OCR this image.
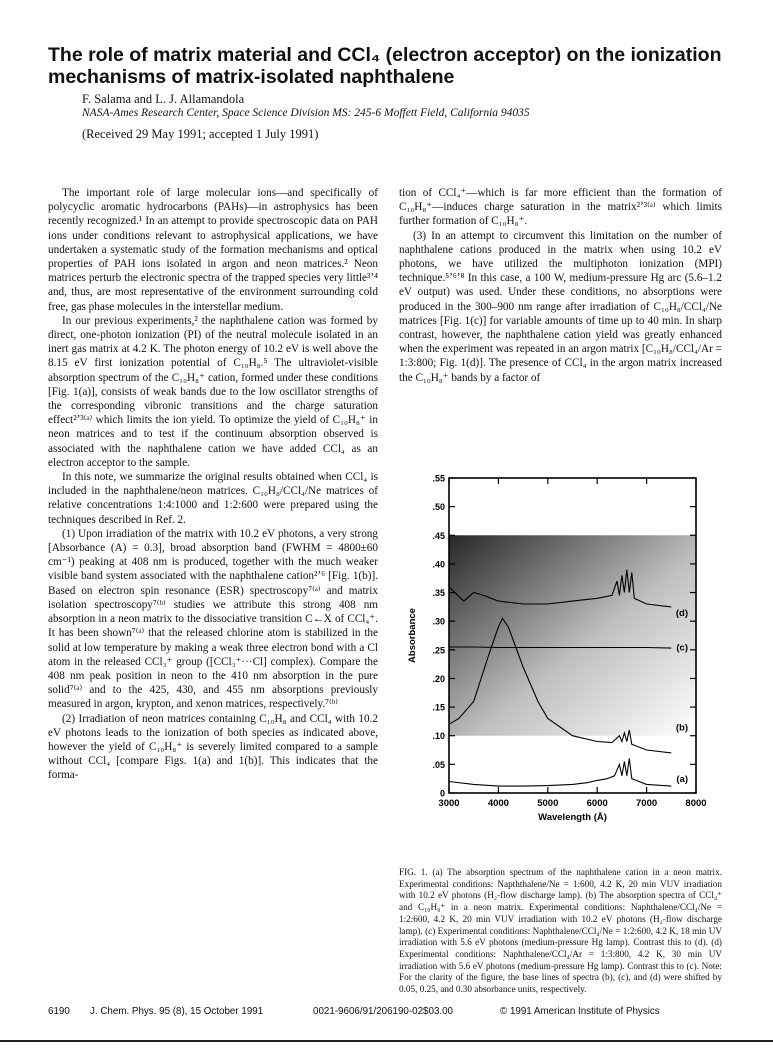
The role of matrix material and CCl₄ (electron acceptor) on the ionization mechanisms of matrix-isolated naphthalene
F. Salama and L. J. Allamandola
NASA-Ames Research Center, Space Science Division MS: 245-6 Moffett Field, California 94035
(Received 29 May 1991; accepted 1 July 1991)

The important role of large molecular ions—and specifically of polycyclic aromatic hydrocarbons (PAHs)—in astrophysics has been recently recognized.¹ In an attempt to provide spectroscopic data on PAH ions under conditions relevant to astrophysical applications, we have undertaken a systematic study of the formation mechanisms and optical properties of PAH ions isolated in argon and neon matrices.² Neon matrices perturb the electronic spectra of the trapped species very little³ʼ⁴ and, thus, are most representative of the environment surrounding cold free, gas phase molecules in the interstellar medium.

In our previous experiments,² the naphthalene cation was formed by direct, one-photon ionization (PI) of the neutral molecule isolated in an inert gas matrix at 4.2 K. The photon energy of 10.2 eV is well above the 8.15 eV first ionization potential of C₁₀H₈.⁵ The ultraviolet-visible absorption spectrum of the C₁₀H₈⁺ cation, formed under these conditions [Fig. 1(a)], consists of weak bands due to the low oscillator strengths of the corresponding vibronic transitions and the charge saturation effect²ʼ³⁽ᵃ⁾ which limits the ion yield. To optimize the yield of C₁₀H₈⁺ in neon matrices and to test if the continuum absorption observed is associated with the naphthalene cation we have added CCl₄ as an electron acceptor to the sample.

In this note, we summarize the original results obtained when CCl₄ is included in the naphthalene/neon matrices. C₁₀H₈/CCl₄/Ne matrices of relative concentrations 1:4:1000 and 1:2:600 were prepared using the techniques described in Ref. 2.

(1) Upon irradiation of the matrix with 10.2 eV photons, a very strong [Absorbance (A) = 0.3], broad absorption band (FWHM = 4800±60 cm⁻¹) peaking at 408 nm is produced, together with the much weaker visible band system associated with the naphthalene cation²ʼ⁶ [Fig. 1(b)]. Based on electron spin resonance (ESR) spectroscopy⁷⁽ᵃ⁾ and matrix isolation spectroscopy⁷⁽ᵇ⁾ studies we attribute this strong 408 nm absorption in a neon matrix to the dissociative transition C←X of CCl₄⁺. It has been shown⁷⁽ᵃ⁾ that the released chlorine atom is stabilized in the solid at low temperature by making a weak three electron bond with a Cl atom in the released CCl₃⁺ group ([CCl₃⁺···Cl] complex). Compare the 408 nm peak position in neon to the 410 nm absorption in the pure solid⁷⁽ᵃ⁾ and to the 425, 430, and 455 nm absorptions previously measured in argon, krypton, and xenon matrices, respectively.⁷⁽ᵇ⁾

(2) Irradiation of neon matrices containing C₁₀H₈ and CCl₄ with 10.2 eV photons leads to the ionization of both species as indicated above, however the yield of C₁₀H₈⁺ is severely limited compared to a sample without CCl₄ [compare Figs. 1(a) and 1(b)]. This indicates that the forma-

tion of CCl₄⁺—which is far more efficient than the formation of C₁₀H₈⁺—induces charge saturation in the matrix²ʼ³⁽ᵃ⁾ which limits further formation of C₁₀H₈⁺.

(3) In an attempt to circumvent this limitation on the number of naphthalene cations produced in the matrix when using 10.2 eV photons, we have utilized the multiphoton ionization (MPI) technique.⁵ʼ⁶ʼ⁸ In this case, a 100 W, medium-pressure Hg arc (5.6–1.2 eV output) was used. Under these conditions, no absorptions were produced in the 300–900 nm range after irradiation of C₁₀H₈/CCl₄/Ne matrices [Fig. 1(c)] for variable amounts of time up to 40 min. In sharp contrast, however, the naphthalene cation yield was greatly enhanced when the experiment was repeated in an argon matrix [C₁₀H₈/CCl₄/Ar = 1:3:800; Fig. 1(d)]. The presence of CCl₄ in the argon matrix increased the C₁₀H₈⁺ bands by a factor of

0
.05
.10
.15
.20
.25
.30
.35
.40
.45
.50
.55
3000	4000	5000	6000	7000	8000
Wavelength (Å)
Absorbance	(d)
(c)
(b)
(a)
FIG. 1. (a) The absorption spectrum of the naphthalene cation in a neon matrix. Experimental conditions: Napththalene/Ne = 1:600, 4.2 K, 20 min VUV irradiation with 10.2 eV photons (H₂-flow discharge lamp). (b) The absorption spectra of CCl₄⁺ and C₁₀H₈⁺ in a neon matrix. Experimental conditions: Naphthalene/CCl₄/Ne = 1:2:600, 4.2 K, 20 min VUV irradiation with 10.2 eV photons (H₂-flow discharge lamp). (c) Experimental conditions: Naphthalene/CCl₄/Ne = 1:2:600, 4.2 K, 18 min UV irradiation with 5.6 eV photons (medium-pressure Hg lamp). Contrast this to (d). (d) Experimental conditions: Naphthalene/CCl₄/Ar = 1:3:800, 4.2 K, 30 min UV irradiation with 5.6 eV photons (medium-pressure Hg lamp). Contrast this to (c). Note: For the clarity of the figure, the base lines of spectra (b), (c), and (d) were shifted by 0.05, 0.25, and 0.30 absorbance units, respectively.
6190 J. Chem. Phys. 95 (8), 15 October 1991	0021-9606/91/206190-02$03.00	© 1991 American Institute of Physics
